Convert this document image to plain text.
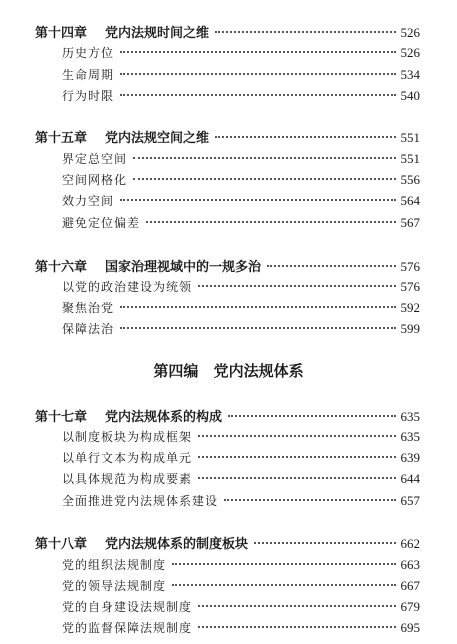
第十四章	党内法规时间之维	526
历史方位	526
生命周期	534
行为时限	540
第十五章	党内法规空间之维	551
界定总空间	551
空间网格化	556
效力空间	564
避免定位偏差	567
第十六章	国家治理视域中的一规多治	576
以党的政治建设为统领	576
聚焦治党	592
保障法治	599
第四编 党内法规体系
第十七章	党内法规体系的构成	635
以制度板块为构成框架	635
以单行文本为构成单元	639
以具体规范为构成要素	644
全面推进党内法规体系建设	657
第十八章	党内法规体系的制度板块	662
党的组织法规制度	663
党的领导法规制度	667
党的自身建设法规制度	679
党的监督保障法规制度	695
